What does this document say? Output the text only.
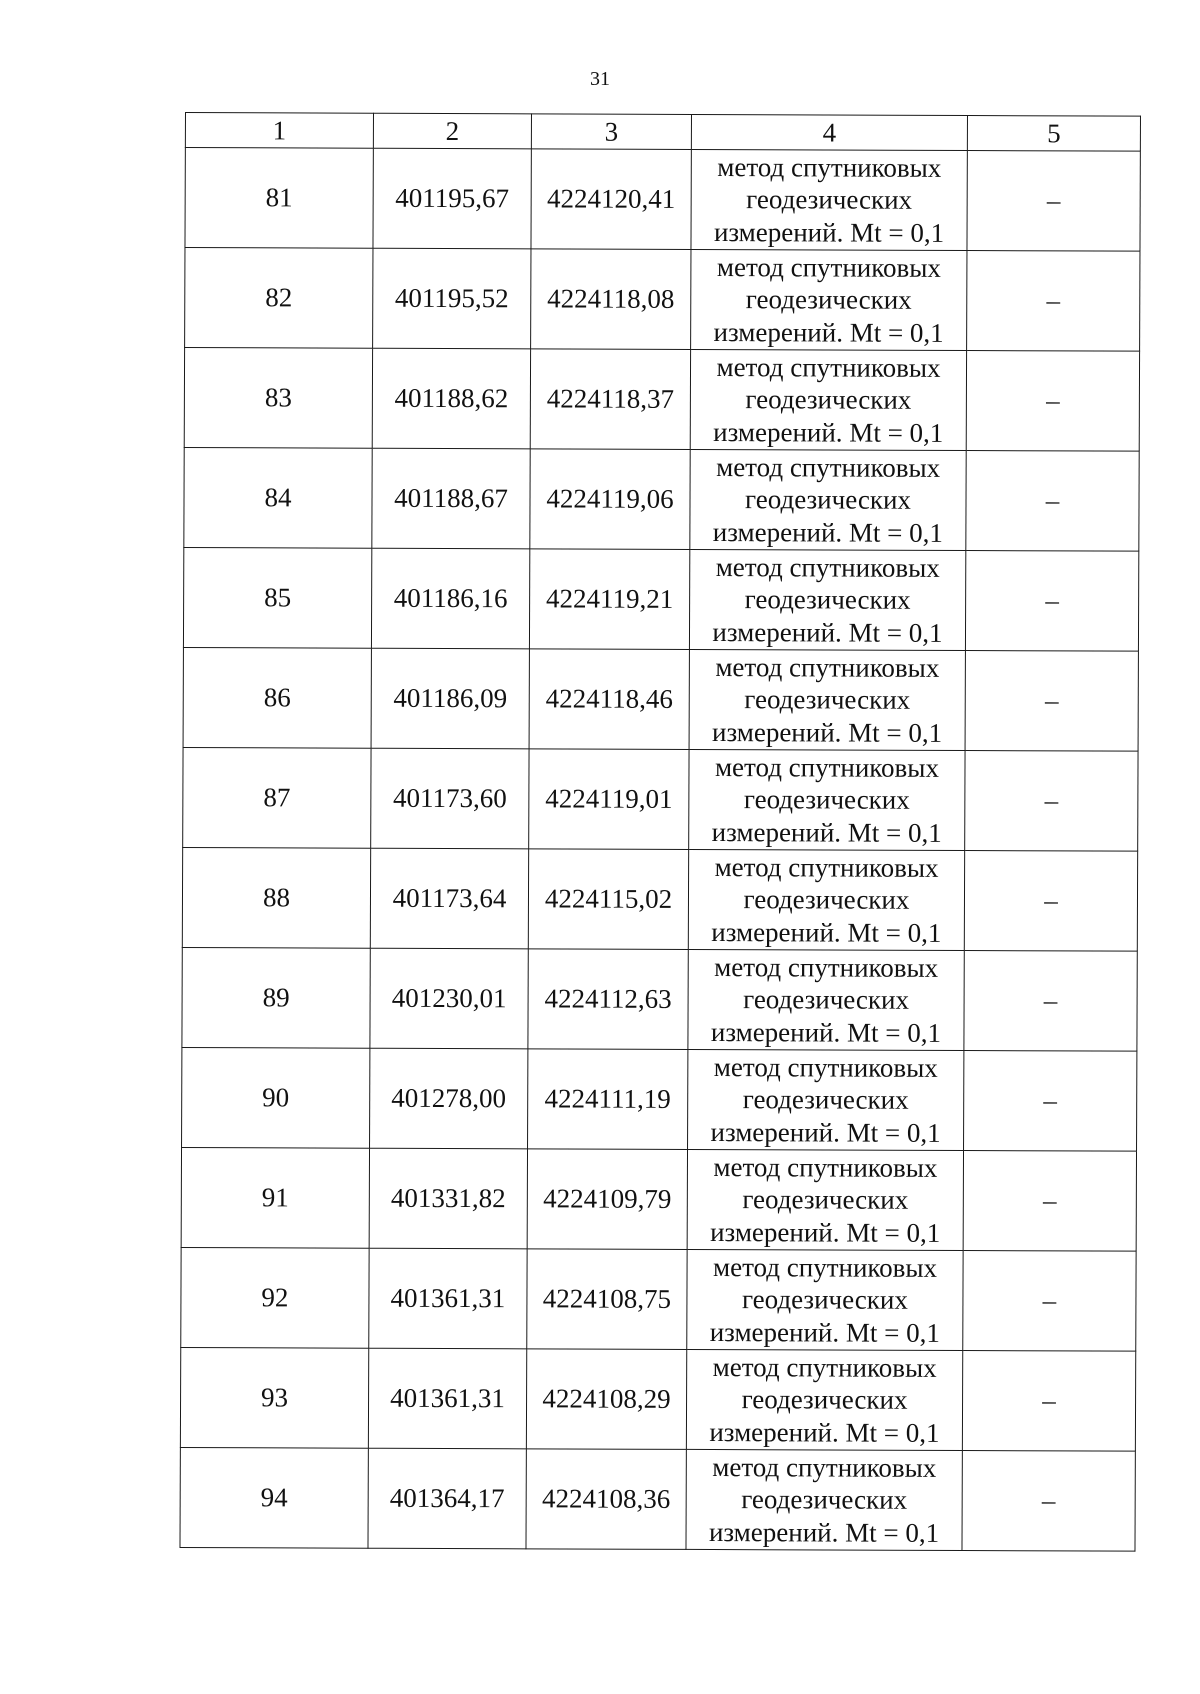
31
1	2	3	4	5
81	401195,67	4224120,41	метод спутниковых
геодезических
измерений. Mt = 0,1	–
82	401195,52	4224118,08	метод спутниковых
геодезических
измерений. Mt = 0,1	–
83	401188,62	4224118,37	метод спутниковых
геодезических
измерений. Mt = 0,1	–
84	401188,67	4224119,06	метод спутниковых
геодезических
измерений. Mt = 0,1	–
85	401186,16	4224119,21	метод спутниковых
геодезических
измерений. Mt = 0,1	–
86	401186,09	4224118,46	метод спутниковых
геодезических
измерений. Mt = 0,1	–
87	401173,60	4224119,01	метод спутниковых
геодезических
измерений. Mt = 0,1	–
88	401173,64	4224115,02	метод спутниковых
геодезических
измерений. Mt = 0,1	–
89	401230,01	4224112,63	метод спутниковых
геодезических
измерений. Mt = 0,1	–
90	401278,00	4224111,19	метод спутниковых
геодезических
измерений. Mt = 0,1	–
91	401331,82	4224109,79	метод спутниковых
геодезических
измерений. Mt = 0,1	–
92	401361,31	4224108,75	метод спутниковых
геодезических
измерений. Mt = 0,1	–
93	401361,31	4224108,29	метод спутниковых
геодезических
измерений. Mt = 0,1	–
94	401364,17	4224108,36	метод спутниковых
геодезических
измерений. Mt = 0,1	–
